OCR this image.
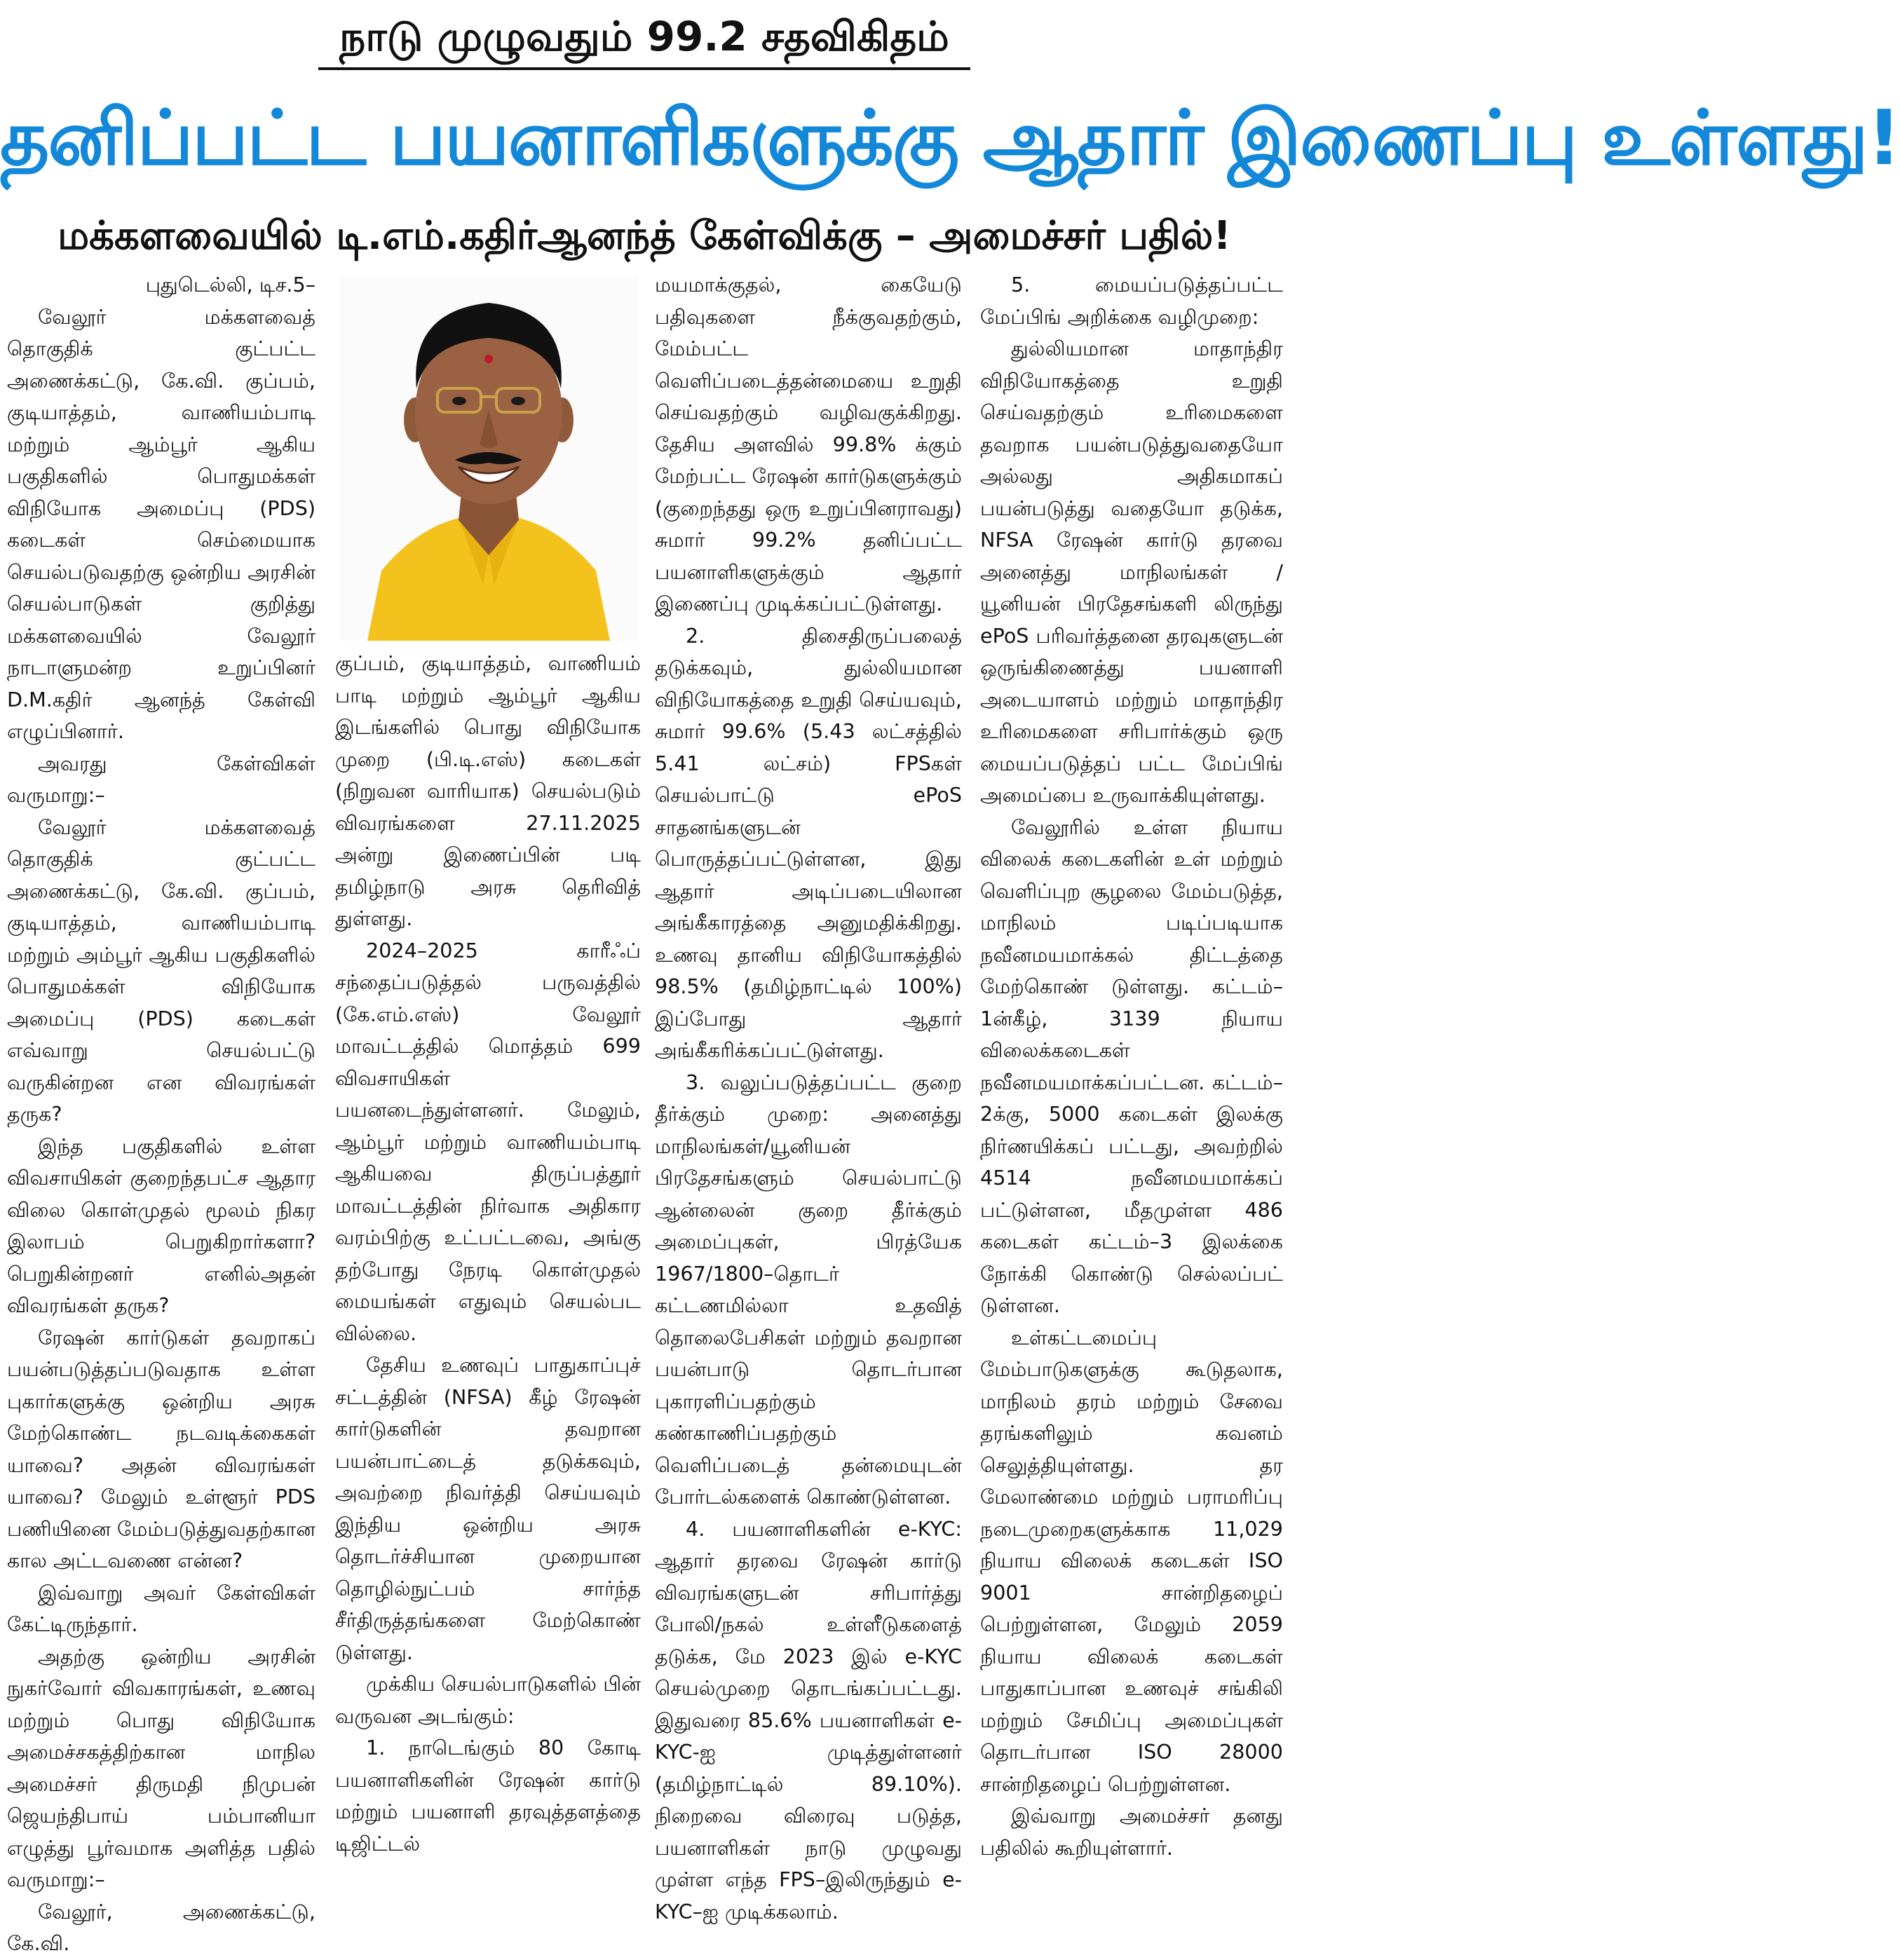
நாடு முழுவதும் 99.2 சதவிகிதம்
தனிப்பட்ட பயனாளிகளுக்கு ஆதார் இணைப்பு உள்ளது!
மக்களவையில் டி.எம்.கதிர்ஆனந்த் கேள்விக்கு – அமைச்சர் பதில்!

புதுடெல்லி, டிச.5–

வேலூர் மக்களவைத் தொகுதிக் குட்பட்ட அணைக்கட்டு, கே.வி. குப்பம், குடியாத்தம், வாணியம்பாடி மற்றும் ஆம்பூர் ஆகிய பகுதிகளில் பொதுமக்கள் விநியோக அமைப்பு (PDS) கடைகள் செம்மையாக செயல்படுவதற்கு ஒன்றிய அரசின் செயல்பாடுகள் குறித்து மக்களவையில் வேலூர் நாடாளுமன்ற உறுப்பினர் D.M.கதிர் ஆனந்த் கேள்வி எழுப்பினார்.

அவரது கேள்விகள் வருமாறு:–

வேலூர் மக்களவைத் தொகுதிக் குட்பட்ட அணைக்கட்டு, கே.வி. குப்பம், குடியாத்தம், வாணியம்பாடி மற்றும் அம்பூர் ஆகிய பகுதிகளில் பொதுமக்கள் விநியோக அமைப்பு (PDS) கடைகள் எவ்வாறு செயல்பட்டு வருகின்றன என விவரங்கள் தருக?

இந்த பகுதிகளில் உள்ள விவசாயிகள் குறைந்தபட்ச ஆதார விலை கொள்முதல் மூலம் நிகர இலாபம் பெறுகிறார்களா? பெறுகின்றனர் எனில்அதன் விவரங்கள் தருக?

ரேஷன் கார்டுகள் தவறாகப் பயன்படுத்தப்படுவதாக உள்ள புகார்களுக்கு ஒன்றிய அரசு மேற்கொண்ட நடவடிக்கைகள் யாவை? அதன் விவரங்கள் யாவை? மேலும் உள்ளூர் PDS பணியினை மேம்படுத்துவதற்கான கால அட்டவணை என்ன?

இவ்வாறு அவர் கேள்விகள் கேட்டிருந்தார்.

அதற்கு ஒன்றிய அரசின் நுகர்வோர் விவகாரங்கள், உணவு மற்றும் பொது விநியோக அமைச்சகத்திற்கான மாநில அமைச்சர் திருமதி நிமுபன் ஜெயந்திபாய் பம்பானியா எழுத்து பூர்வமாக அளித்த பதில் வருமாறு:–

வேலூர், அணைக்கட்டு, கே.வி.

குப்பம், குடியாத்தம், வாணியம் பாடி மற்றும் ஆம்பூர் ஆகிய இடங்களில் பொது விநியோக முறை (பி.டி.எஸ்) கடைகள் (நிறுவன வாரியாக) செயல்படும் விவரங்களை 27.11.2025 அன்று இணைப்பின் படி தமிழ்நாடு அரசு தெரிவித் துள்ளது.

2024–2025 காரீஃப் சந்தைப்படுத்தல் பருவத்தில் (கே.எம்.எஸ்) வேலூர் மாவட்டத்தில் மொத்தம் 699 விவசாயிகள் பயனடைந்துள்ளனர். மேலும், ஆம்பூர் மற்றும் வாணியம்பாடி ஆகியவை திருப்பத்தூர் மாவட்டத்தின் நிர்வாக அதிகார வரம்பிற்கு உட்பட்டவை, அங்கு தற்போது நேரடி கொள்முதல் மையங்கள் எதுவும் செயல்பட வில்லை.

தேசிய உணவுப் பாதுகாப்புச் சட்டத்தின் (NFSA) கீழ் ரேஷன் கார்டுகளின் தவறான பயன்பாட்டைத் தடுக்கவும், அவற்றை நிவர்த்தி செய்யவும் இந்திய ஒன்றிய அரசு தொடர்ச்சியான முறையான தொழில்நுட்பம் சார்ந்த சீர்திருத்தங்களை மேற்கொண் டுள்ளது.

முக்கிய செயல்பாடுகளில் பின் வருவன அடங்கும்:

1. நாடெங்கும் 80 கோடி பயனாளிகளின் ரேஷன் கார்டு மற்றும் பயனாளி தரவுத்தளத்தை டிஜிட்டல்

மயமாக்குதல், கையேடு பதிவுகளை நீக்குவதற்கும், மேம்பட்ட வெளிப்படைத்தன்மையை உறுதி செய்வதற்கும் வழிவகுக்கிறது. தேசிய அளவில் 99.8% க்கும் மேற்பட்ட ரேஷன் கார்டுகளுக்கும் (குறைந்தது ஒரு உறுப்பினராவது) சுமார் 99.2% தனிப்பட்ட பயனாளிகளுக்கும் ஆதார் இணைப்பு முடிக்கப்பட்டுள்ளது.

2. திசைதிருப்பலைத் தடுக்கவும், துல்லியமான விநியோகத்தை உறுதி செய்யவும், சுமார் 99.6% (5.43 லட்சத்தில் 5.41 லட்சம்) FPSகள் செயல்பாட்டு ePoS சாதனங்களுடன் பொருத்தப்பட்டுள்ளன, இது ஆதார் அடிப்படையிலான அங்கீகாரத்தை அனுமதிக்கிறது. உணவு தானிய விநியோகத்தில் 98.5% (தமிழ்நாட்டில் 100%) இப்போது ஆதார் அங்கீகரிக்கப்பட்டுள்ளது.

3. வலுப்படுத்தப்பட்ட குறை தீர்க்கும் முறை: அனைத்து மாநிலங்கள்/யூனியன் பிரதேசங்களும் செயல்பாட்டு ஆன்லைன் குறை தீர்க்கும் அமைப்புகள், பிரத்யேக 1967/1800–தொடர் கட்டணமில்லா உதவித் தொலைபேசிகள் மற்றும் தவறான பயன்பாடு தொடர்பான புகாரளிப்பதற்கும் கண்காணிப்பதற்கும் வெளிப்படைத் தன்மையுடன் போர்டல்களைக் கொண்டுள்ளன.

4. பயனாளிகளின் e-KYC: ஆதார் தரவை ரேஷன் கார்டு விவரங்களுடன் சரிபார்த்து போலி/நகல் உள்ளீடுகளைத் தடுக்க, மே 2023 இல் e-KYC செயல்முறை தொடங்கப்பட்டது. இதுவரை 85.6% பயனாளிகள் e-KYC-ஐ முடித்துள்ளனர் (தமிழ்நாட்டில் 89.10%). நிறைவை விரைவு படுத்த, பயனாளிகள் நாடு முழுவது முள்ள எந்த FPS–இலிருந்தும் e-KYC–ஐ முடிக்கலாம்.

5. மையப்படுத்தப்பட்ட மேப்பிங் அறிக்கை வழிமுறை:

துல்லியமான மாதாந்திர விநியோகத்தை உறுதி செய்வதற்கும் உரிமைகளை தவறாக பயன்படுத்துவதையோ அல்லது அதிகமாகப் பயன்படுத்து வதையோ தடுக்க, NFSA ரேஷன் கார்டு தரவை அனைத்து மாநிலங்கள் / யூனியன் பிரதேசங்களி லிருந்து ePoS பரிவர்த்தனை தரவுகளுடன் ஒருங்கிணைத்து பயனாளி அடையாளம் மற்றும் மாதாந்திர உரிமைகளை சரிபார்க்கும் ஒரு மையப்படுத்தப் பட்ட மேப்பிங் அமைப்பை உருவாக்கியுள்ளது.

வேலூரில் உள்ள நியாய விலைக் கடைகளின் உள் மற்றும் வெளிப்புற சூழலை மேம்படுத்த, மாநிலம் படிப்படியாக நவீனமயமாக்கல் திட்டத்தை மேற்கொண் டுள்ளது. கட்டம்–1ன்கீழ், 3139 நியாய விலைக்கடைகள் நவீனமயமாக்கப்பட்டன. கட்டம்–2க்கு, 5000 கடைகள் இலக்கு நிர்ணயிக்கப் பட்டது, அவற்றில் 4514 நவீனமயமாக்கப் பட்டுள்ளன, மீதமுள்ள 486 கடைகள் கட்டம்–3 இலக்கை நோக்கி கொண்டு செல்லப்பட் டுள்ளன.

உள்கட்டமைப்பு மேம்பாடுகளுக்கு கூடுதலாக, மாநிலம் தரம் மற்றும் சேவை தரங்களிலும் கவனம் செலுத்தியுள்ளது. தர மேலாண்மை மற்றும் பராமரிப்பு நடைமுறைகளுக்காக 11,029 நியாய விலைக் கடைகள் ISO 9001 சான்றிதழைப் பெற்றுள்ளன, மேலும் 2059 நியாய விலைக் கடைகள் பாதுகாப்பான உணவுச் சங்கிலி மற்றும் சேமிப்பு அமைப்புகள் தொடர்பான ISO 28000 சான்றிதழைப் பெற்றுள்ளன.

இவ்வாறு அமைச்சர் தனது பதிலில் கூறியுள்ளார்.
